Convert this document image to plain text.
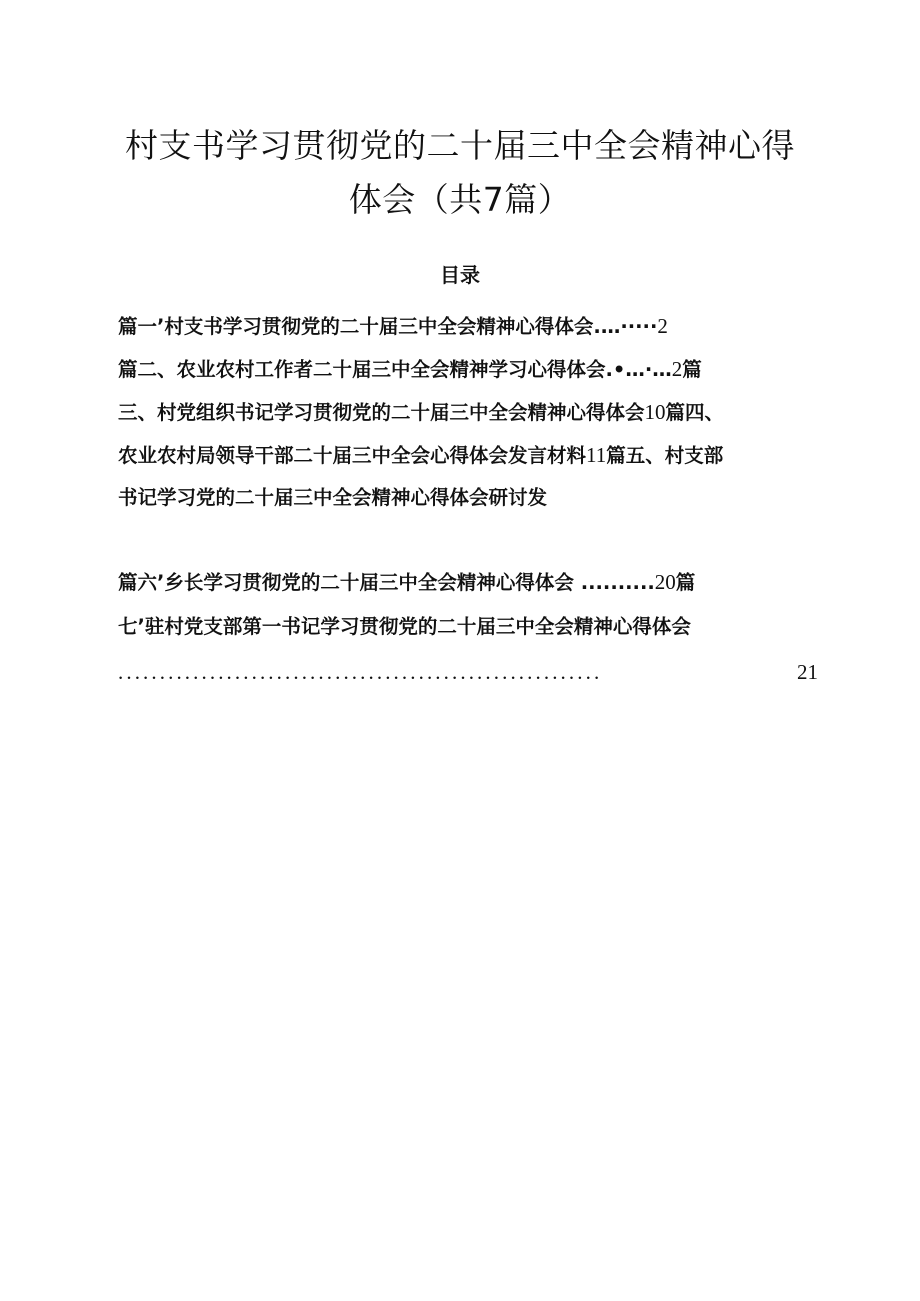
村支书学习贯彻党的二十届三中全会精神心得
体会（共7篇）
目录
篇一’村支书学习贯彻党的二十届三中全会精神心得体会.…·····2
篇二、农业农村工作者二十届三中全会精神学习心得体会.•…·…2篇
三、村党组织书记学习贯彻党的二十届三中全会精神心得体会10篇四、
农业农村局领导干部二十届三中全会心得体会发言材料11篇五、村支部
书记学习党的二十届三中全会精神心得体会研讨发
篇六’乡长学习贯彻党的二十届三中全会精神心得体会 ..........20篇
七’驻村党支部第一书记学习贯彻党的二十届三中全会精神心得体会
..........................................................	21
